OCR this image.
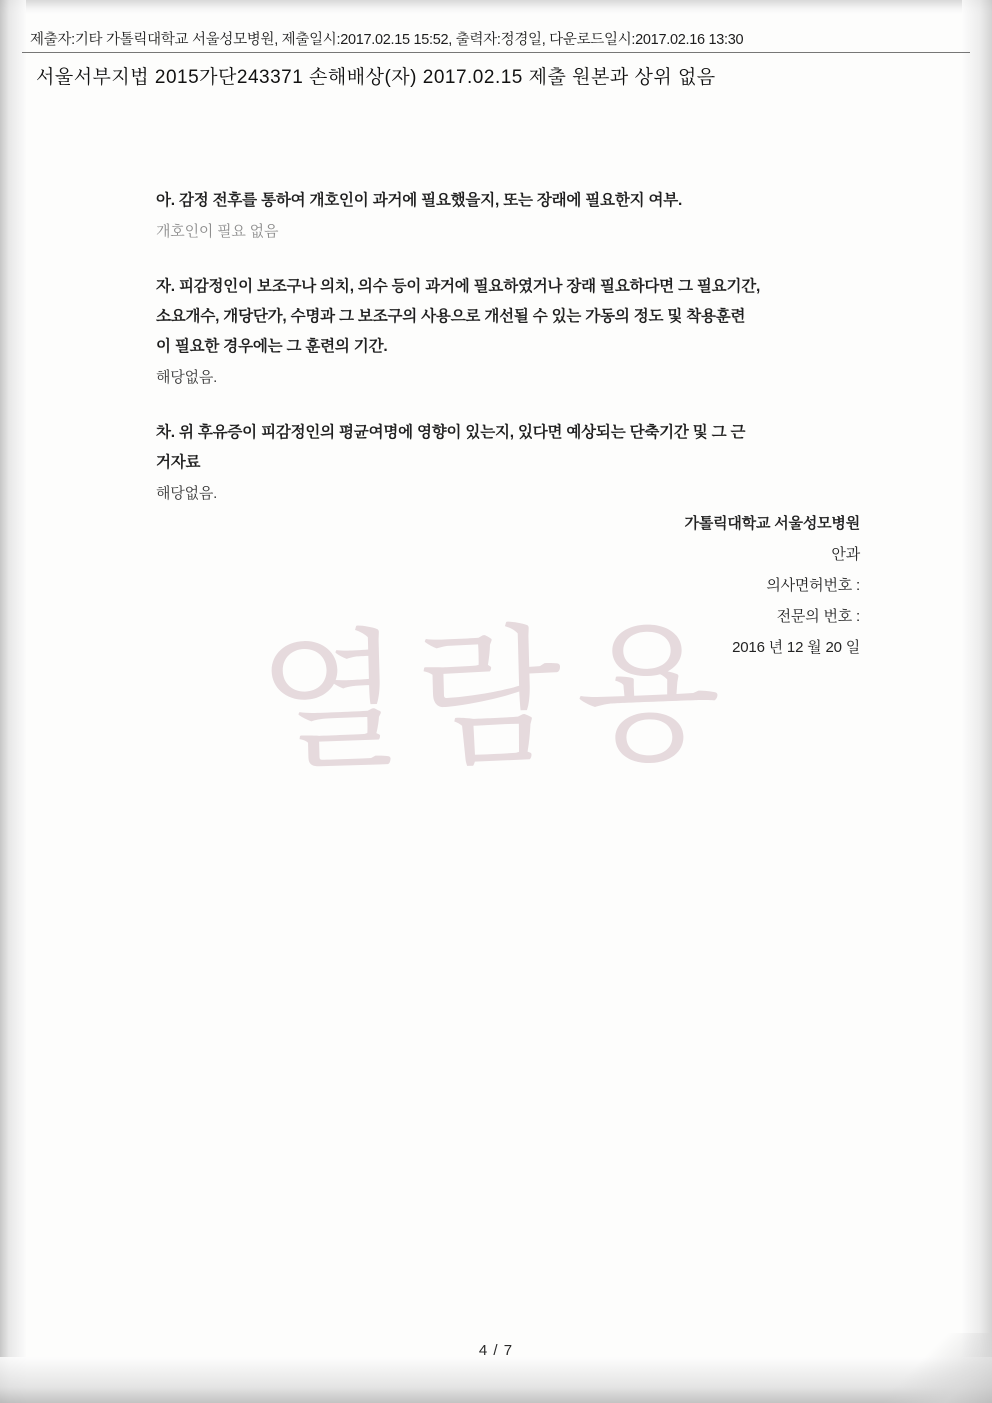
제출자:기타 가톨릭대학교 서울성모병원, 제출일시:2017.02.15 15:52, 출력자:정경일, 다운로드일시:2017.02.16 13:30
서울서부지법 2015가단243371 손해배상(자) 2017.02.15 제출 원본과 상위 없음
아. 감정 전후를 통하여 개호인이 과거에 필요했을지, 또는 장래에 필요한지 여부.
개호인이 필요 없음
자. 피감정인이 보조구나 의치, 의수 등이 과거에 필요하였거나 장래 필요하다면 그 필요기간,
소요개수, 개당단가, 수명과 그 보조구의 사용으로 개선될 수 있는 가동의 정도 및 착용훈련
이 필요한 경우에는 그 훈련의 기간.
해당없음.
차. 위 후유증이 피감정인의 평균여명에 영향이 있는지, 있다면 예상되는 단축기간 및 그 근
거자료
해당없음.
가톨릭대학교 서울성모병원
안과
의사면허번호 :
전문의 번호 :
2016 년 12 월 20 일
열람용
4 / 7
